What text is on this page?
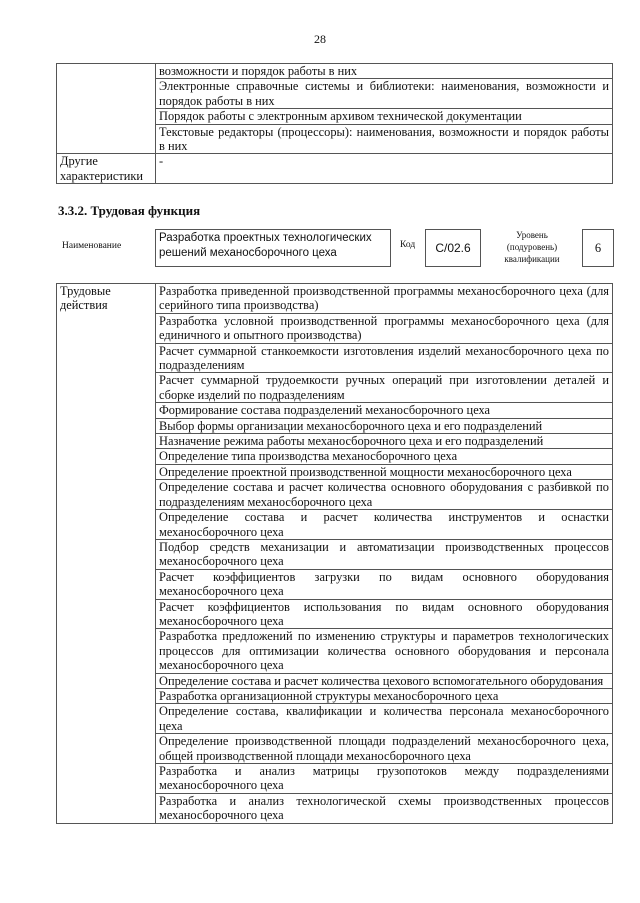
28
	возможности и порядок работы в них
	Электронные справочные системы и библиотеки: наименования, возможности и порядок работы в них
	Порядок работы с электронным архивом технической документации
	Текстовые редакторы (процессоры): наименования, возможности и порядок работы в них
Другие характеристики	-
3.3.2. Трудовая функция
Наименование
Разработка проектных технологических решений механосборочного цеха
Код	C/02.6
Уровень (подуровень) квалификации
6
Трудовые действия	Разработка приведенной производственной программы механосборочного цеха (для серийного типа производства)
Разработка условной производственной программы механосборочного цеха (для единичного и опытного производства)
Расчет суммарной станкоемкости изготовления изделий механосборочного цеха по подразделениям
Расчет суммарной трудоемкости ручных операций при изготовлении деталей и сборке изделий по подразделениям
Формирование состава подразделений механосборочного цеха
Выбор формы организации механосборочного цеха и его подразделений
Назначение режима работы механосборочного цеха и его подразделений
Определение типа производства механосборочного цеха
Определение проектной производственной мощности механосборочного цеха
Определение состава и расчет количества основного оборудования с разбивкой по подразделениям механосборочного цеха
Определение состава и расчет количества инструментов и оснастки механосборочного цеха
Подбор средств механизации и автоматизации производственных процессов механосборочного цеха
Расчет коэффициентов загрузки по видам основного оборудования механосборочного цеха
Расчет коэффициентов использования по видам основного оборудования механосборочного цеха
Разработка предложений по изменению структуры и параметров технологических процессов для оптимизации количества основного оборудования и персонала механосборочного цеха
Определение состава и расчет количества цехового вспомогательного оборудования
Разработка организационной структуры механосборочного цеха
Определение состава, квалификации и количества персонала механосборочного цеха
Определение производственной площади подразделений механосборочного цеха, общей производственной площади механосборочного цеха
Разработка и анализ матрицы грузопотоков между подразделениями механосборочного цеха
Разработка и анализ технологической схемы производственных процессов механосборочного цеха
